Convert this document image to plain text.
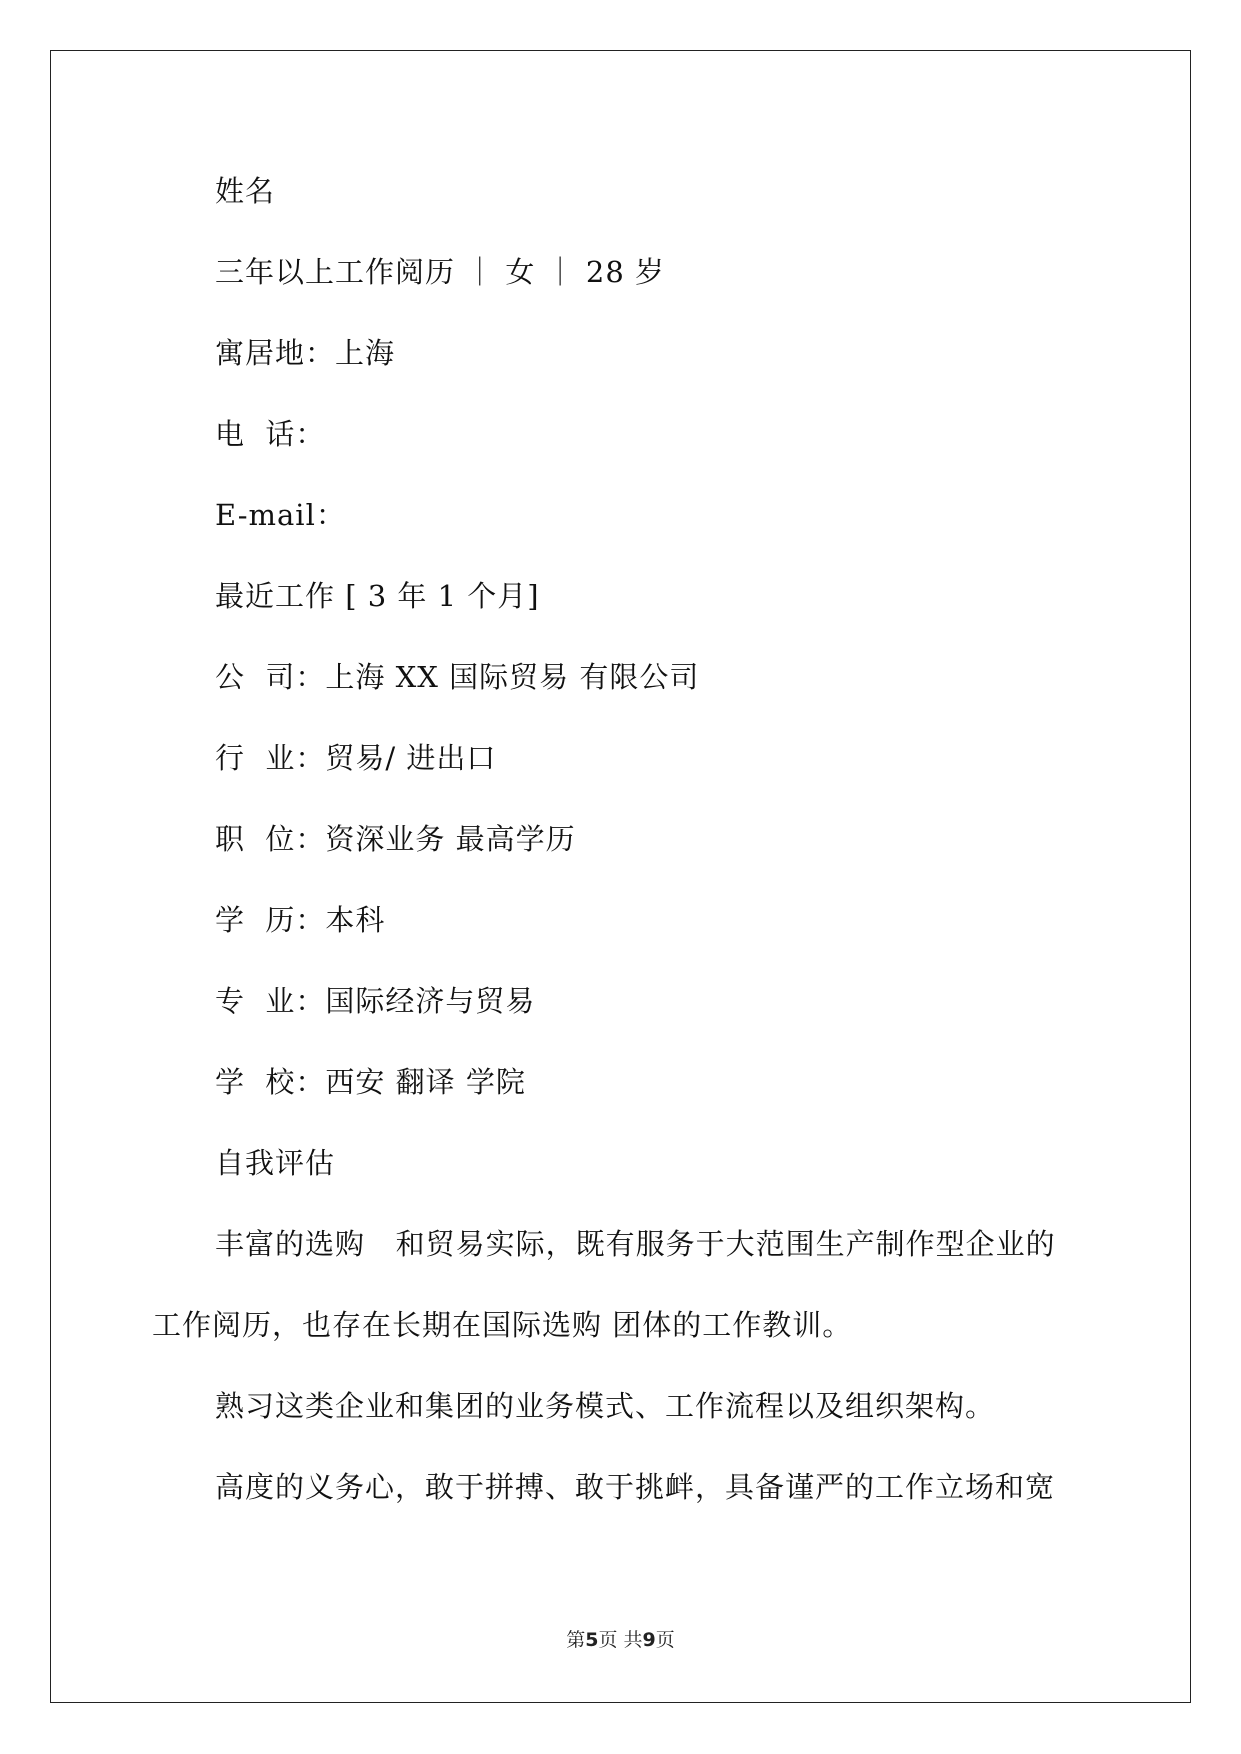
姓名
三年以上工作阅历 ｜ 女 ｜ 28 岁
寓居地：上海
电  话：
E-mail：
最近工作 [ 3 年 1 个月]
公  司：上海 XX 国际贸易 有限公司
行  业：贸易/ 进出口
职  位：资深业务 最高学历
学  历：本科
专  业：国际经济与贸易
学  校：西安 翻译 学院
自我评估
丰富的选购   和贸易实际，既有服务于大范围生产制作型企业的
工作阅历，也存在长期在国际选购 团体的工作教训。
熟习这类企业和集团的业务模式、工作流程以及组织架构。
高度的义务心，敢于拼搏、敢于挑衅，具备谨严的工作立场和宽
第5页 共9页
